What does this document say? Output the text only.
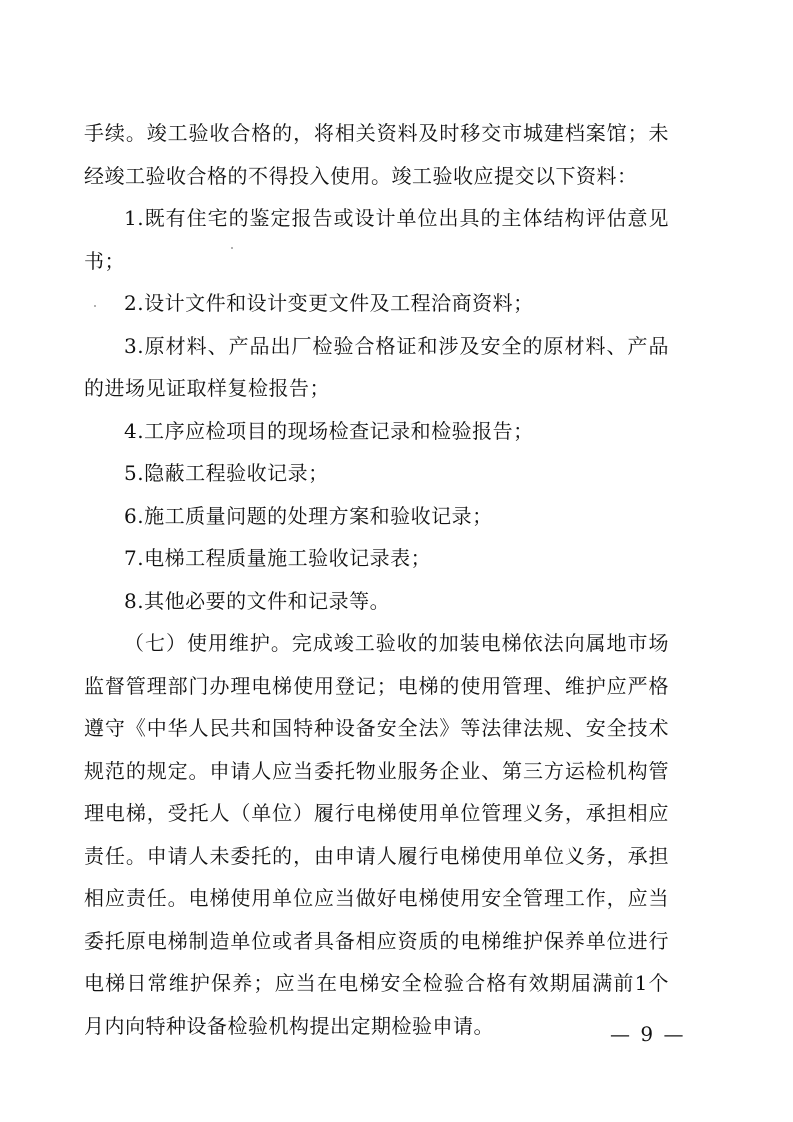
手续。竣工验收合格的，将相关资料及时移交市城建档案馆；未经竣工验收合格的不得投入使用。竣工验收应提交以下资料：

1.既有住宅的鉴定报告或设计单位出具的主体结构评估意见书；

2.设计文件和设计变更文件及工程洽商资料；

3.原材料、产品出厂检验合格证和涉及安全的原材料、产品的进场见证取样复检报告；

4.工序应检项目的现场检查记录和检验报告；

5.隐蔽工程验收记录；

6.施工质量问题的处理方案和验收记录；

7.电梯工程质量施工验收记录表；

8.其他必要的文件和记录等。

（七）使用维护。完成竣工验收的加装电梯依法向属地市场监督管理部门办理电梯使用登记；电梯的使用管理、维护应严格遵守《中华人民共和国特种设备安全法》等法律法规、安全技术规范的规定。申请人应当委托物业服务企业、第三方运检机构管理电梯，受托人（单位）履行电梯使用单位管理义务，承担相应责任。申请人未委托的，由申请人履行电梯使用单位义务，承担相应责任。电梯使用单位应当做好电梯使用安全管理工作，应当委托原电梯制造单位或者具备相应资质的电梯维护保养单位进行电梯日常维护保养；应当在电梯安全检验合格有效期届满前1个月内向特种设备检验机构提出定期检验申请。	— 9 —
